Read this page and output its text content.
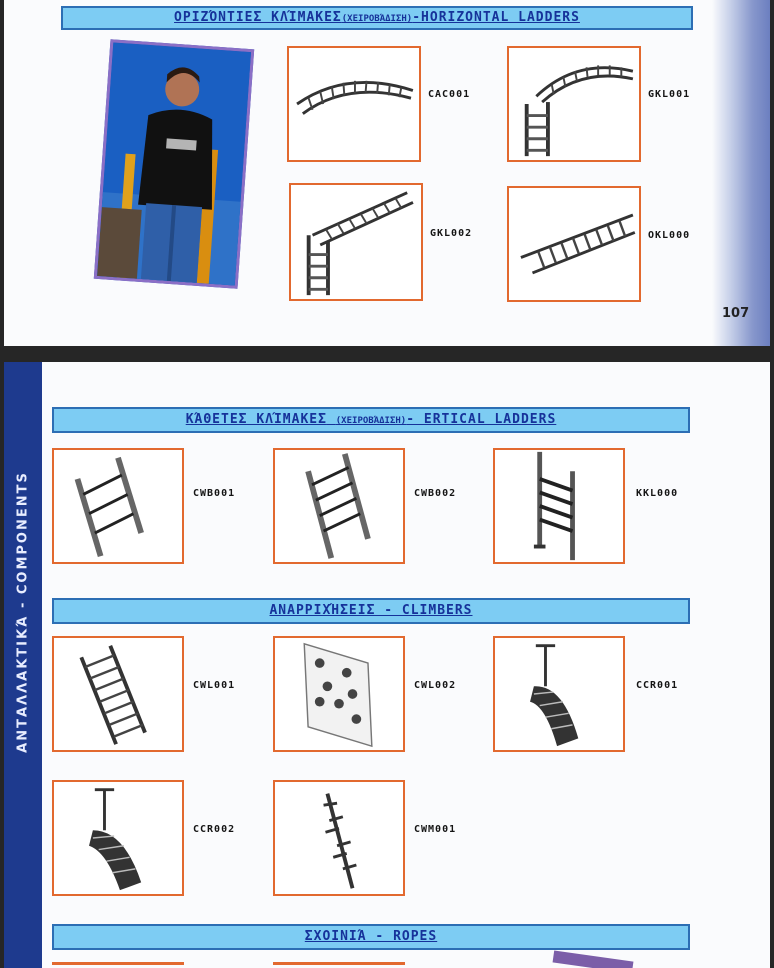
ΟΡΙΖΌΝΤΙΕΣ ΚΛΊΜΑΚΕΣ(ΧΕΙΡΟΒΆΔΙΣΗ)-HORIZONTAL LADDERS
CAC001	GKL001
GKL002	OKL000
107
ΑΝΤΑΛΛΑΚΤΙΚΆ - COMPONENTS
ΚΆΘΕΤΕΣ ΚΛΊΜΑΚΕΣ (ΧΕΙΡΟΒΆΔΙΣΗ)- ERTICAL LADDERS
CWB001	CWB002	KKL000
ΑΝΑΡΡΙΧΉΣΕΙΣ - CLIMBERS
CWL001	CWL002	CCR001
CCR002	CWM001
ΣΧΟΙΝΙΆ - ROPES
